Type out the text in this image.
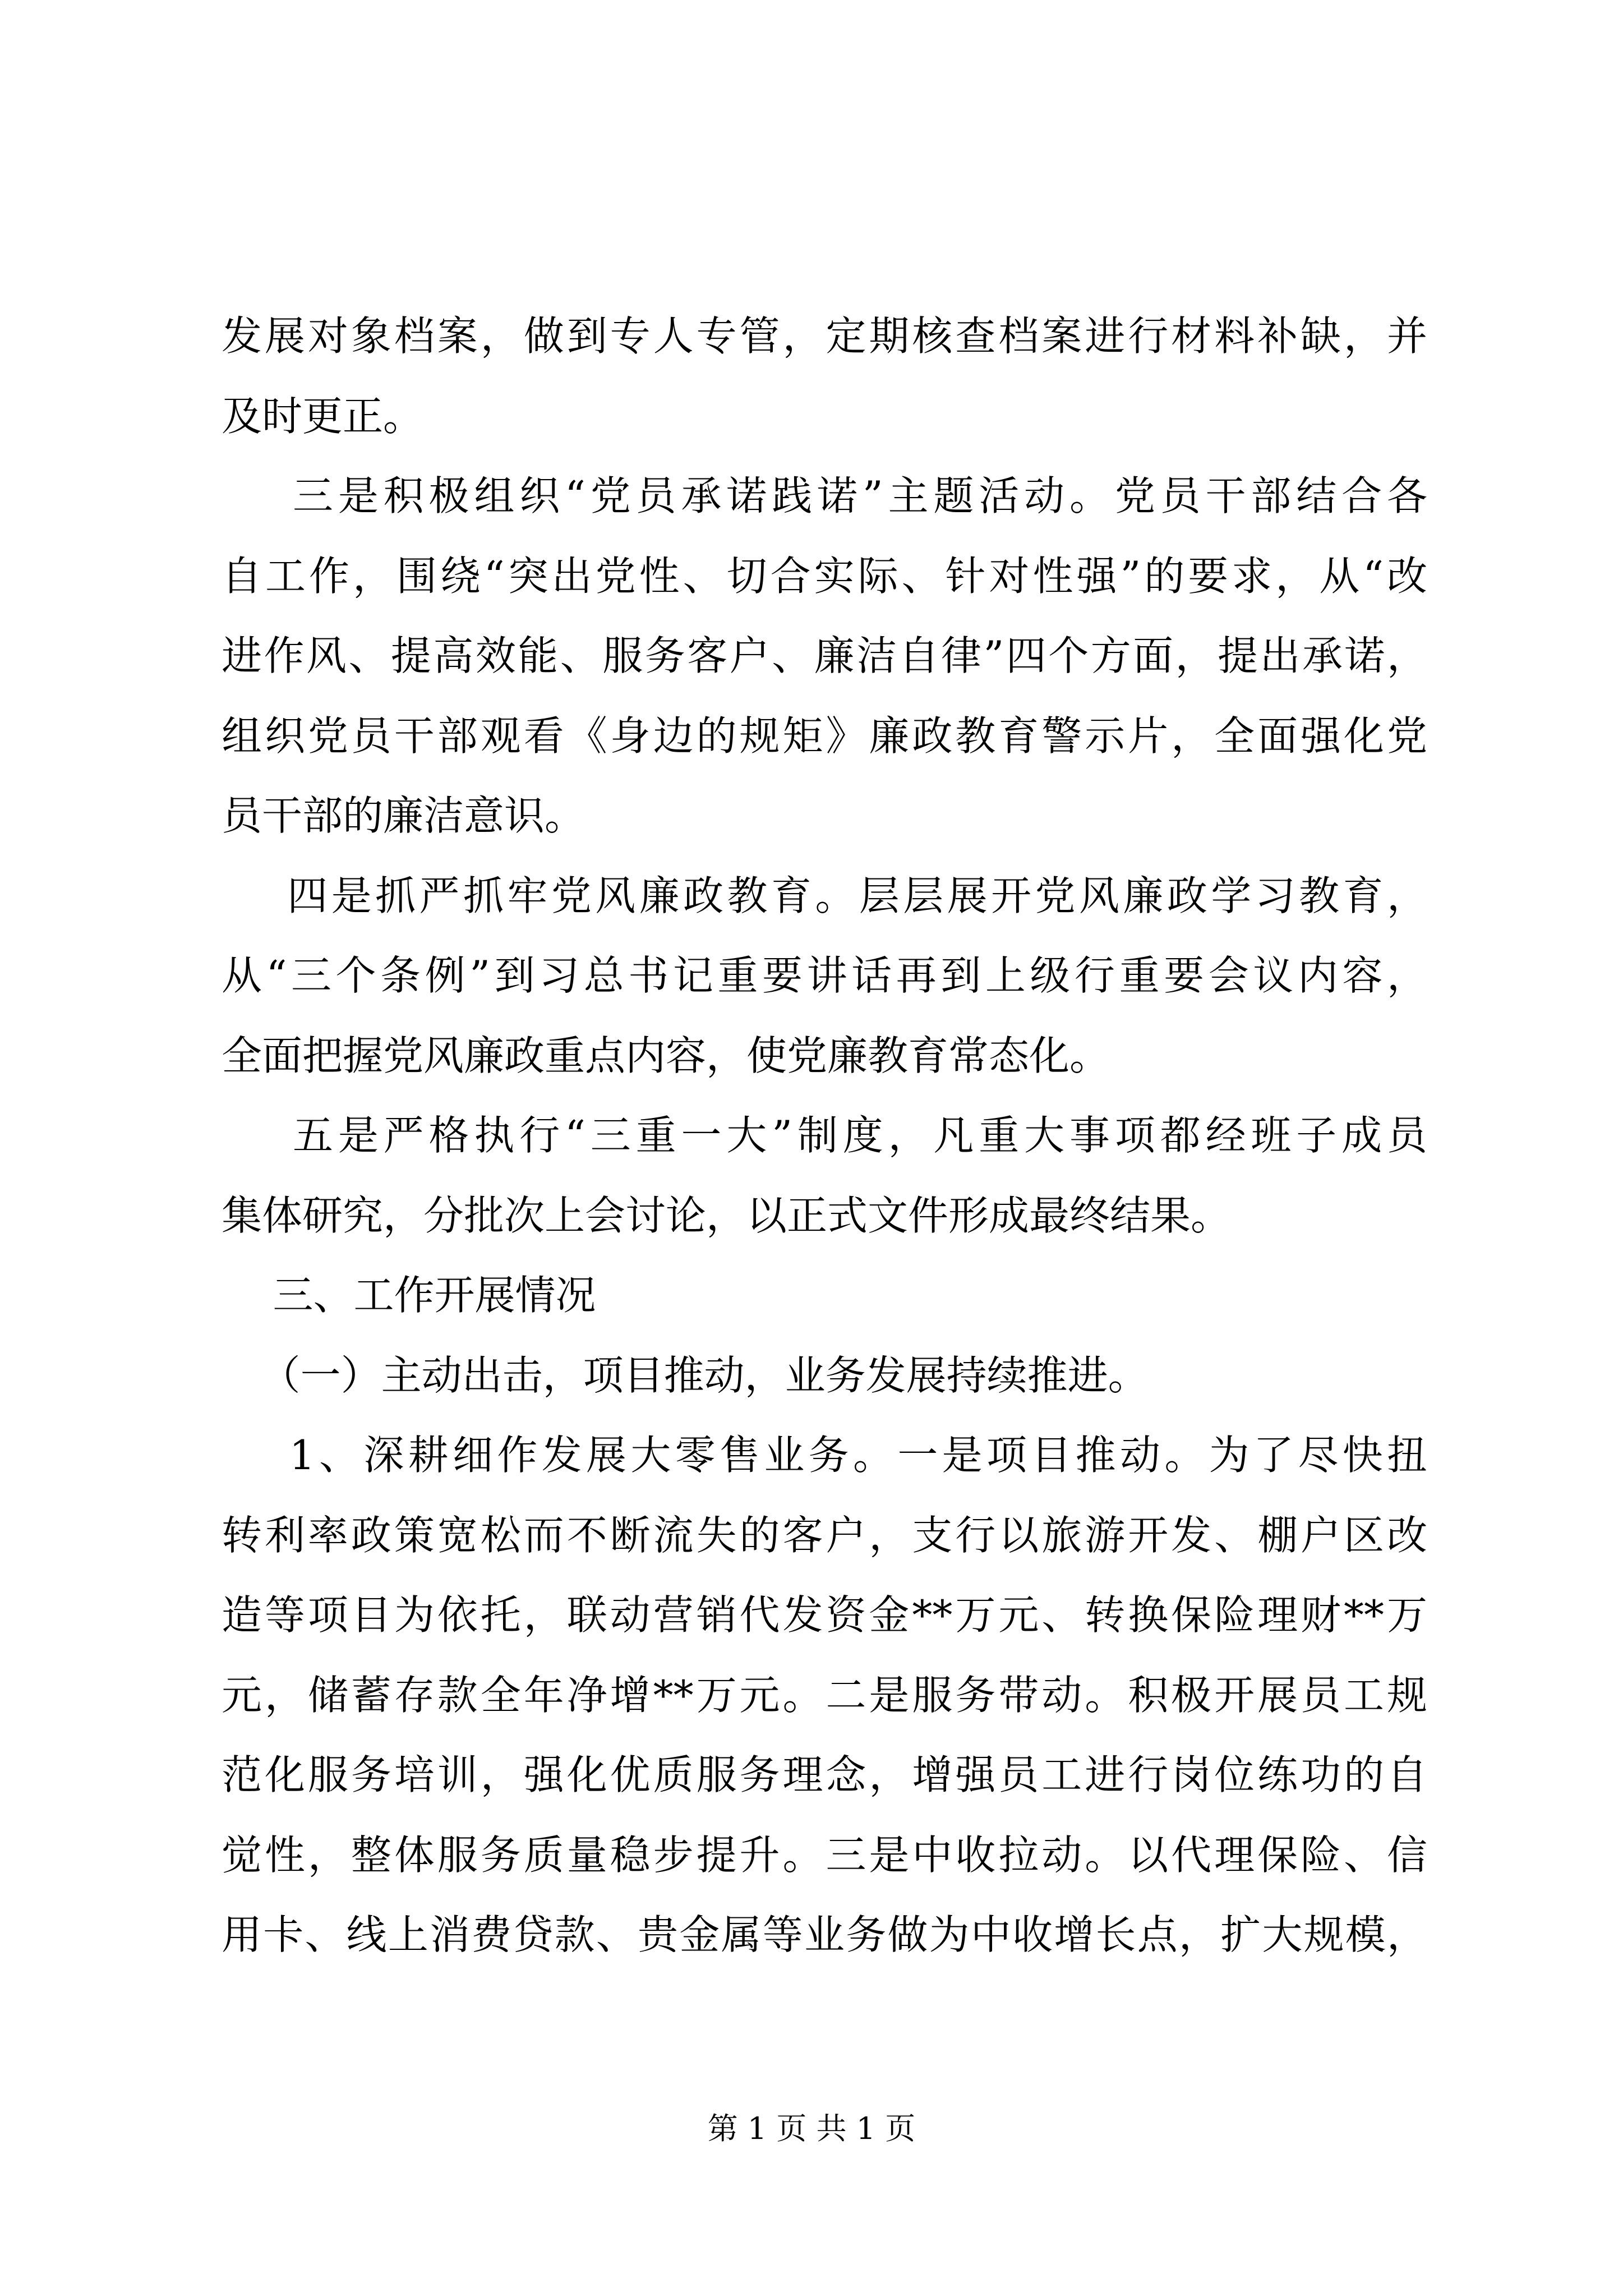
发展对象档案，做到专人专管，定期核查档案进行材料补缺，并
及时更正。
三是积极组织“党员承诺践诺”主题活动。党员干部结合各
自工作，围绕“突出党性、切合实际、针对性强”的要求，从“改
进作风、提高效能、服务客户、廉洁自律”四个方面，提出承诺，
组织党员干部观看《身边的规矩》廉政教育警示片，全面强化党
员干部的廉洁意识。
四是抓严抓牢党风廉政教育。层层展开党风廉政学习教育，
从“三个条例”到习总书记重要讲话再到上级行重要会议内容，
全面把握党风廉政重点内容，使党廉教育常态化。
五是严格执行“三重一大”制度，凡重大事项都经班子成员
集体研究，分批次上会讨论，以正式文件形成最终结果。
三、工作开展情况
（一）主动出击，项目推动，业务发展持续推进。
1、深耕细作发展大零售业务。一是项目推动。为了尽快扭
转利率政策宽松而不断流失的客户，支行以旅游开发、棚户区改
造等项目为依托，联动营销代发资金**万元、转换保险理财**万
元，储蓄存款全年净增**万元。二是服务带动。积极开展员工规
范化服务培训，强化优质服务理念，增强员工进行岗位练功的自
觉性，整体服务质量稳步提升。三是中收拉动。以代理保险、信
用卡、线上消费贷款、贵金属等业务做为中收增长点，扩大规模，
第 1 页 共 1 页
